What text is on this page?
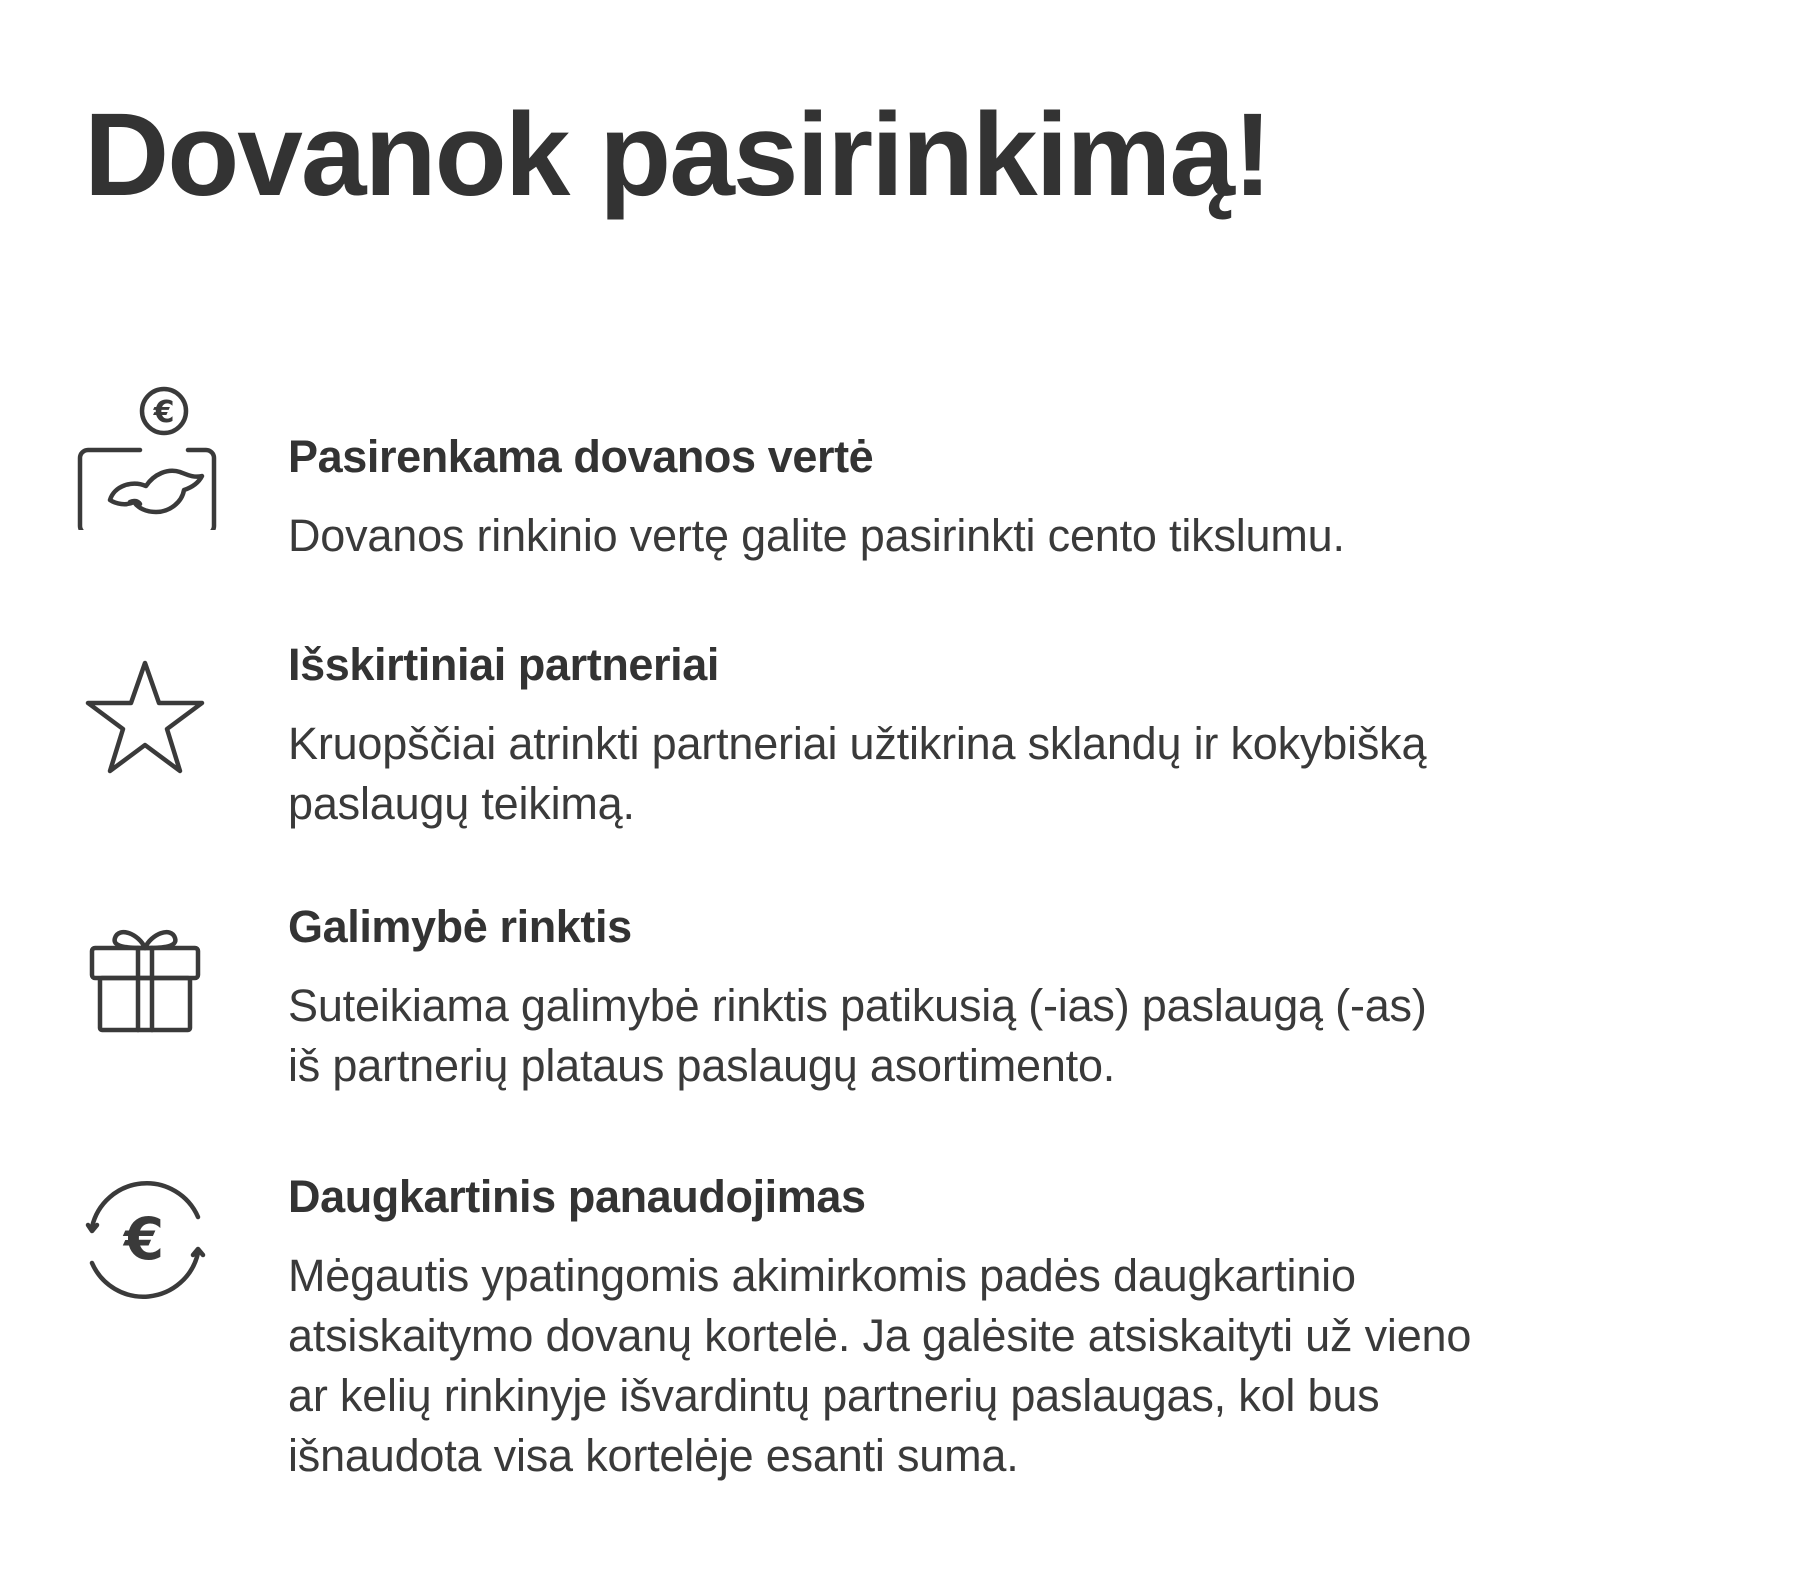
Dovanok pasirinkimą!
€
Pasirenkama dovanos vertė

Dovanos rinkinio vertę galite pasirinkti cento tikslumu.

Išskirtiniai partneriai

Kruopščiai atrinkti partneriai užtikrina sklandų ir kokybišką
paslaugų teikimą.

Galimybė rinktis

Suteikiama galimybė rinktis patikusią (-ias) paslaugą (-as)
iš partnerių plataus paslaugų asortimento.

€
Daugkartinis panaudojimas

Mėgautis ypatingomis akimirkomis padės daugkartinio
atsiskaitymo dovanų kortelė. Ja galėsite atsiskaityti už vieno
ar kelių rinkinyje išvardintų partnerių paslaugas, kol bus
išnaudota visa kortelėje esanti suma.
